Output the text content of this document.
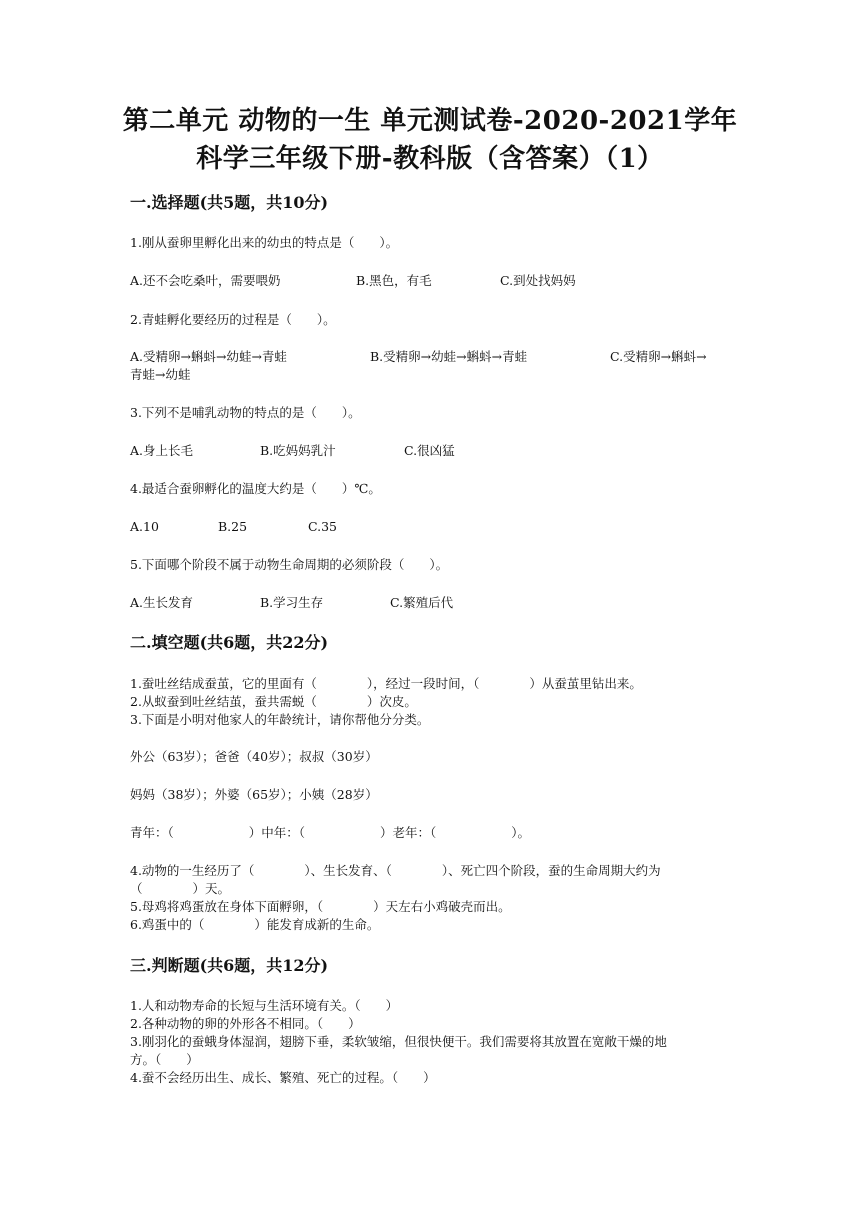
第二单元 动物的一生 单元测试卷-2020-2021学年
科学三年级下册-教科版（含答案）（1）
一.选择题(共5题，共10分)
1.刚从蚕卵里孵化出来的幼虫的特点是（　　）。
A.还不会吃桑叶，需要喂奶	B.黑色，有毛	C.到处找妈妈
2.青蛙孵化要经历的过程是（　　）。
A.受精卵→蝌蚪→幼蛙→青蛙	B.受精卵→幼蛙→蝌蚪→青蛙	C.受精卵→蝌蚪→
青蛙→幼蛙
3.下列不是哺乳动物的特点的是（　　）。
A.身上长毛	B.吃妈妈乳汁	C.很凶猛
4.最适合蚕卵孵化的温度大约是（　　）℃。
A.10	B.25	C.35
5.下面哪个阶段不属于动物生命周期的必须阶段（　　）。
A.生长发育	B.学习生存	C.繁殖后代
二.填空题(共6题，共22分)
1.蚕吐丝结成蚕茧，它的里面有（　　　　），经过一段时间，（　　　　）从蚕茧里钻出来。
2.从蚁蚕到吐丝结茧，蚕共需蜕（　　　　）次皮。
3.下面是小明对他家人的年龄统计，请你帮他分分类。
外公（63岁）；爸爸（40岁）；叔叔（30岁）
妈妈（38岁）；外婆（65岁）；小姨（28岁）
青年：（　　　　　　）中年：（　　　　　　）老年：（　　　　　　）。
4.动物的一生经历了（　　　　）、生长发育、（　　　　）、死亡四个阶段，蚕的生命周期大约为
（　　　　）天。
5.母鸡将鸡蛋放在身体下面孵卵，（　　　　）天左右小鸡破壳而出。
6.鸡蛋中的（　　　　）能发育成新的生命。
三.判断题(共6题，共12分)
1.人和动物寿命的长短与生活环境有关。（　　）
2.各种动物的卵的外形各不相同。（　　）
3.刚羽化的蚕蛾身体湿润，翅膀下垂，柔软皱缩，但很快便干。我们需要将其放置在宽敞干燥的地
方。（　　）
4.蚕不会经历出生、成长、繁殖、死亡的过程。（　　）
